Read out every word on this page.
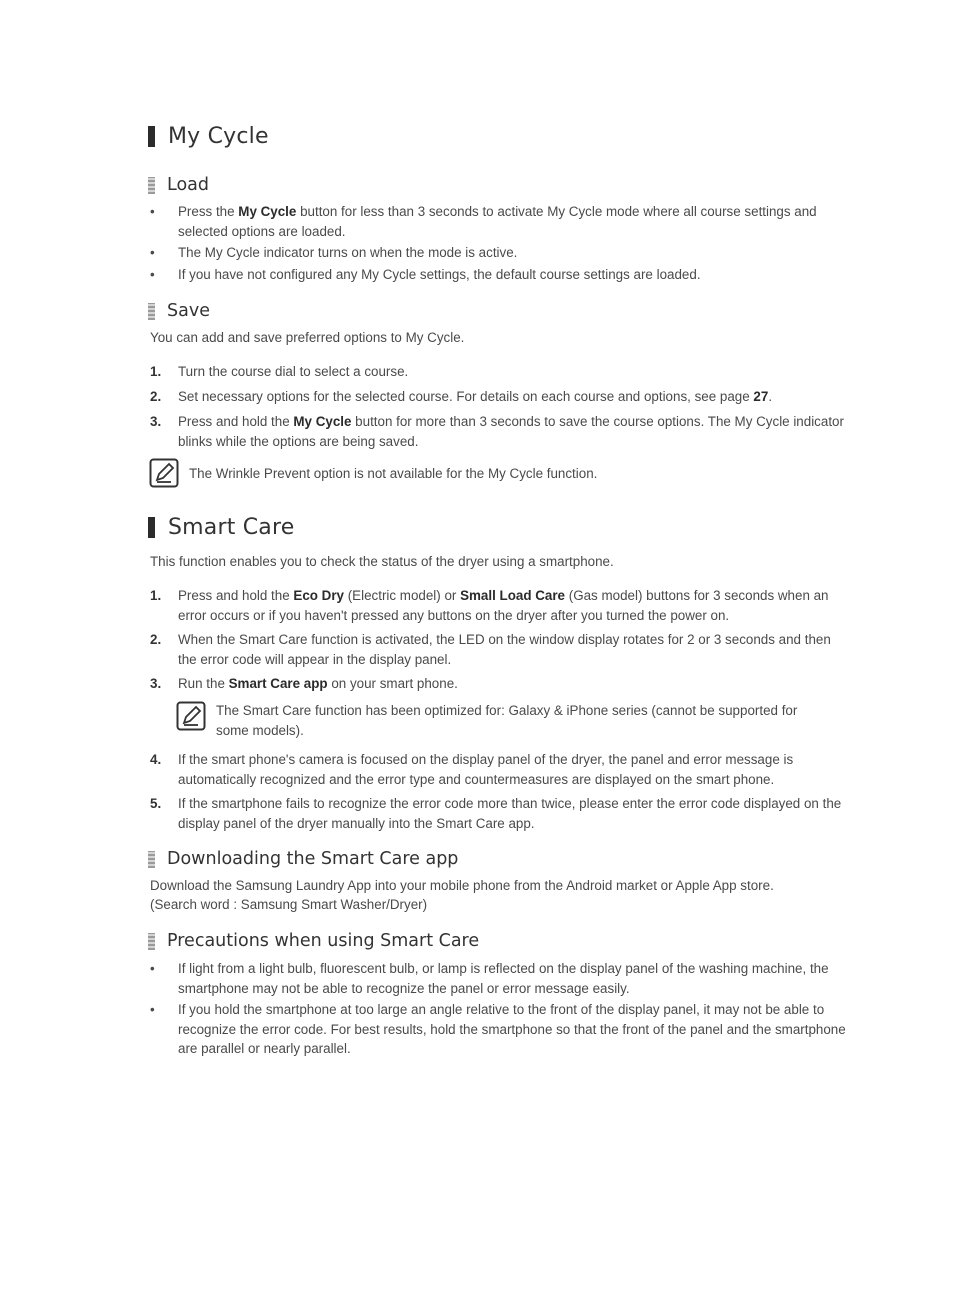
My Cycle
Load
•	Press the My Cycle button for less than 3 seconds to activate My Cycle mode where all course settings and selected options are loaded.
•	The My Cycle indicator turns on when the mode is active.
•	If you have not configured any My Cycle settings, the default course settings are loaded.
Save
You can add and save preferred options to My Cycle.
1. Turn the course dial to select a course.
2. Set necessary options for the selected course. For details on each course and options, see page 27.
3. Press and hold the My Cycle button for more than 3 seconds to save the course options. The My Cycle indicator blinks while the options are being saved.
The Wrinkle Prevent option is not available for the My Cycle function.
Smart Care
This function enables you to check the status of the dryer using a smartphone.
1. Press and hold the Eco Dry (Electric model) or Small Load Care (Gas model) buttons for 3 seconds when an error occurs or if you haven't pressed any buttons on the dryer after you turned the power on.
2. When the Smart Care function is activated, the LED on the window display rotates for 2 or 3 seconds and then the error code will appear in the display panel.
3. Run the Smart Care app on your smart phone.
The Smart Care function has been optimized for: Galaxy & iPhone series (cannot be supported for some models).
4. If the smart phone's camera is focused on the display panel of the dryer, the panel and error message is automatically recognized and the error type and countermeasures are displayed on the smart phone.
5. If the smartphone fails to recognize the error code more than twice, please enter the error code displayed on the display panel of the dryer manually into the Smart Care app.
Downloading the Smart Care app
Download the Samsung Laundry App into your mobile phone from the Android market or Apple App store.
(Search word : Samsung Smart Washer/Dryer)
Precautions when using Smart Care
•	If light from a light bulb, fluorescent bulb, or lamp is reflected on the display panel of the washing machine, the smartphone may not be able to recognize the panel or error message easily.
•	If you hold the smartphone at too large an angle relative to the front of the display panel, it may not be able to recognize the error code. For best results, hold the smartphone so that the front of the panel and the smartphone are parallel or nearly parallel.
